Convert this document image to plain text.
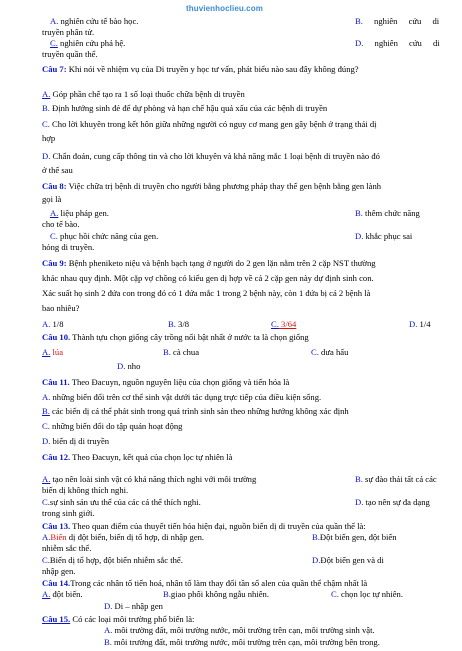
thuvienhoclieu.com
A. nghiên cứu tế bào học.	B. nghiên cứu di
truyền phân tử.
C. nghiên cứu phả hệ.	D. nghiên cứu di
truyền quần thể.
Câu 7: Khi nói về nhiệm vụ của Di truyền y học tư vấn, phát biểu nào sau đây không đúng?
A. Góp phần chế tạo ra 1 số loại thuốc chữa bệnh di truyền
B. Định hướng sinh đẻ để dự phòng và hạn chế hậu quả xấu của các bệnh di truyền
C. Cho lời khuyên trong kết hôn giữa những người có nguy cơ mang gen gây bệnh ở trạng thái dị
hợp
D. Chẩn đoán, cung cấp thông tin và cho lời khuyên và khả năng mắc 1 loại bệnh di truyền nào đó
ở thế sau
Câu 8: Việc chữa trị bệnh di truyền cho người bằng phương pháp thay thế gen bệnh bằng gen lành
gọi là
A. liệu pháp gen.	B. thêm chức năng
cho tế bào.
C. phục hồi chức năng của gen.	D. khắc phục sai
hỏng di truyền.
Câu 9: Bệnh pheniketo niệu và bệnh bạch tạng ở người do 2 gen lặn nằm trên 2 cặp NST thường
khác nhau quy định. Một cặp vợ chồng có kiểu gen dị hợp về cả 2 cặp gen này dự định sinh con.
Xác suất họ sinh 2 đứa con trong đó có 1 đứa mắc 1 trong 2 bệnh này, còn 1 đứa bị cả 2 bệnh là
bao nhiêu?
A. 1/8	B. 3/8	C. 3/64	D. 1/4
Câu 10. Thành tựu chọn giống cây trồng nổi bật nhất ở nước ta là chọn giống
A. lúa	B. cà chua	C. dưa hấu
D. nho
Câu 11. Theo Đacuyn, nguồn nguyên liệu của chọn giống và tiến hóa là
A. những biến đổi trên cơ thể sinh vật dưới tác dụng trực tiếp của điều kiện sống.
B. các biến dị cá thể phát sinh trong quá trình sinh sản theo những hướng không xác định
C. những biến đổi do tập quán hoạt động
D. biến dị di truyền
Câu 12. Theo Đacuyn, kết quả của chọn lọc tự nhiên là
A. tạo nên loài sinh vật có khả năng thích nghi với môi trường	B. sự đào thải tất cả các
biến dị không thích nghi.
C.sự sinh sản ưu thế của các cá thể thích nghi.	D. tạo nên sự đa dạng
trong sinh giới.
Câu 13. Theo quan điểm của thuyết tiến hóa hiện đại, nguồn biến dị di truyền của quần thể là:
A.Biến dị đột biến, biến dị tổ hợp, di nhập gen.	B.Đột biến gen, đột biến
nhiễm sắc thể.
C.Biến dị tổ hợp, đột biến nhiễm sắc thể.	D.Đột biến gen và di
nhập gen.
Câu 14.Trong các nhân tố tiến hoá, nhân tố làm thay đổi tần số alen của quần thể chậm nhất là
A. đột biến.	B.giao phối không ngẫu nhiên.	C. chọn lọc tự nhiên.
D. Di – nhập gen
Câu 15. Có các loại môi trường phổ biến là:
A. môi trường đất, môi trường nước, môi trường trên cạn, môi trường sinh vật.
B. môi trường đất, môi trường nước, môi trường trên cạn, môi trường bên trong.
